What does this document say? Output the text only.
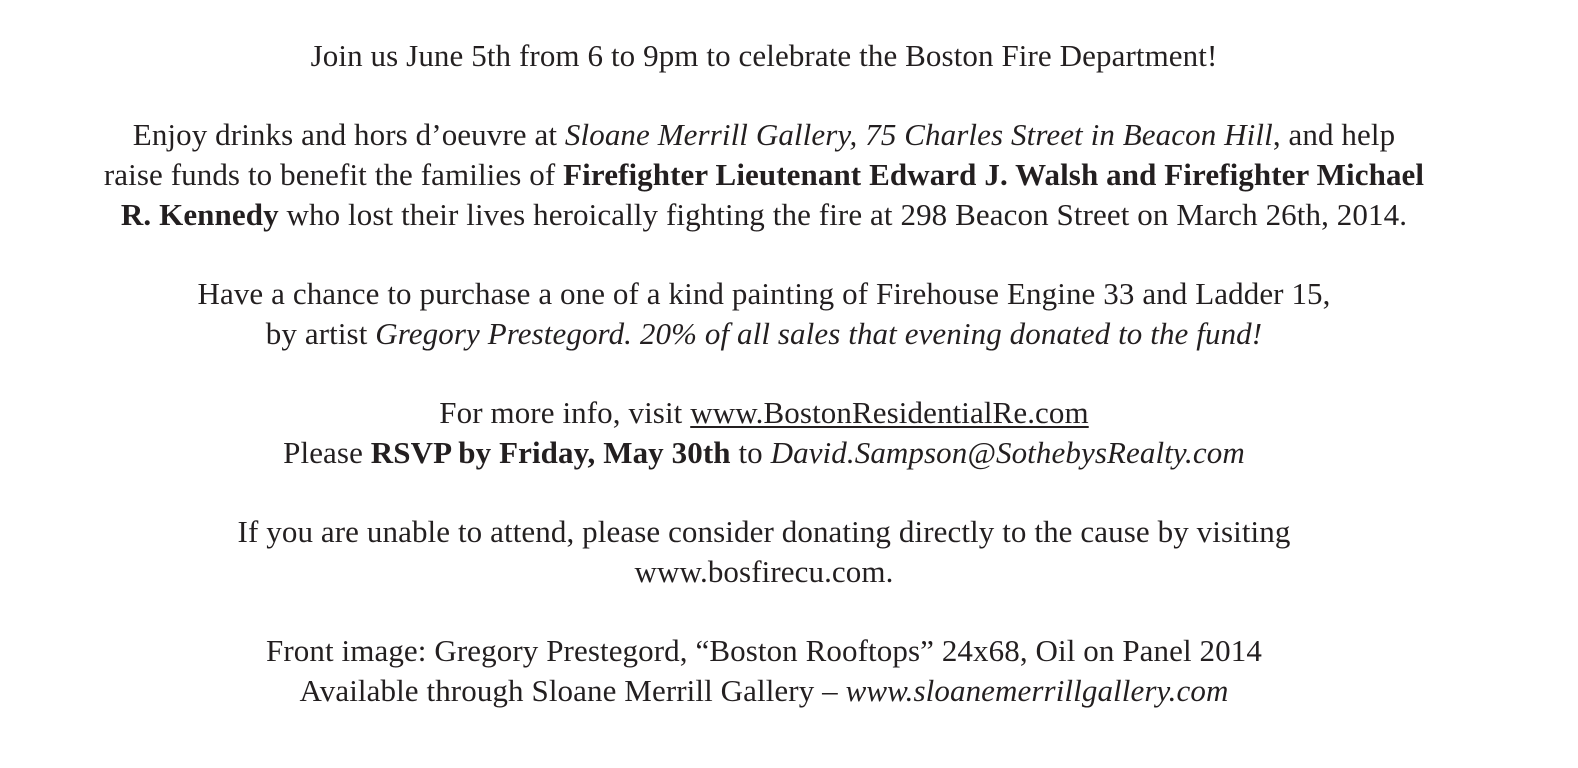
Join us June 5th from 6 to 9pm to celebrate the Boston Fire Department!
Enjoy drinks and hors d’oeuvre at Sloane Merrill Gallery, 75 Charles Street in Beacon Hill, and help
raise funds to benefit the families of Firefighter Lieutenant Edward J. Walsh and Firefighter Michael
R. Kennedy who lost their lives heroically fighting the fire at 298 Beacon Street on March 26th, 2014.
Have a chance to purchase a one of a kind painting of Firehouse Engine 33 and Ladder 15,
by artist Gregory Prestegord. 20% of all sales that evening donated to the fund!
For more info, visit www.BostonResidentialRe.com
Please RSVP by Friday, May 30th to David.Sampson@SothebysRealty.com
If you are unable to attend, please consider donating directly to the cause by visiting
www.bosfirecu.com.
Front image: Gregory Prestegord, “Boston Rooftops” 24x68, Oil on Panel 2014
Available through Sloane Merrill Gallery – www.sloanemerrillgallery.com
